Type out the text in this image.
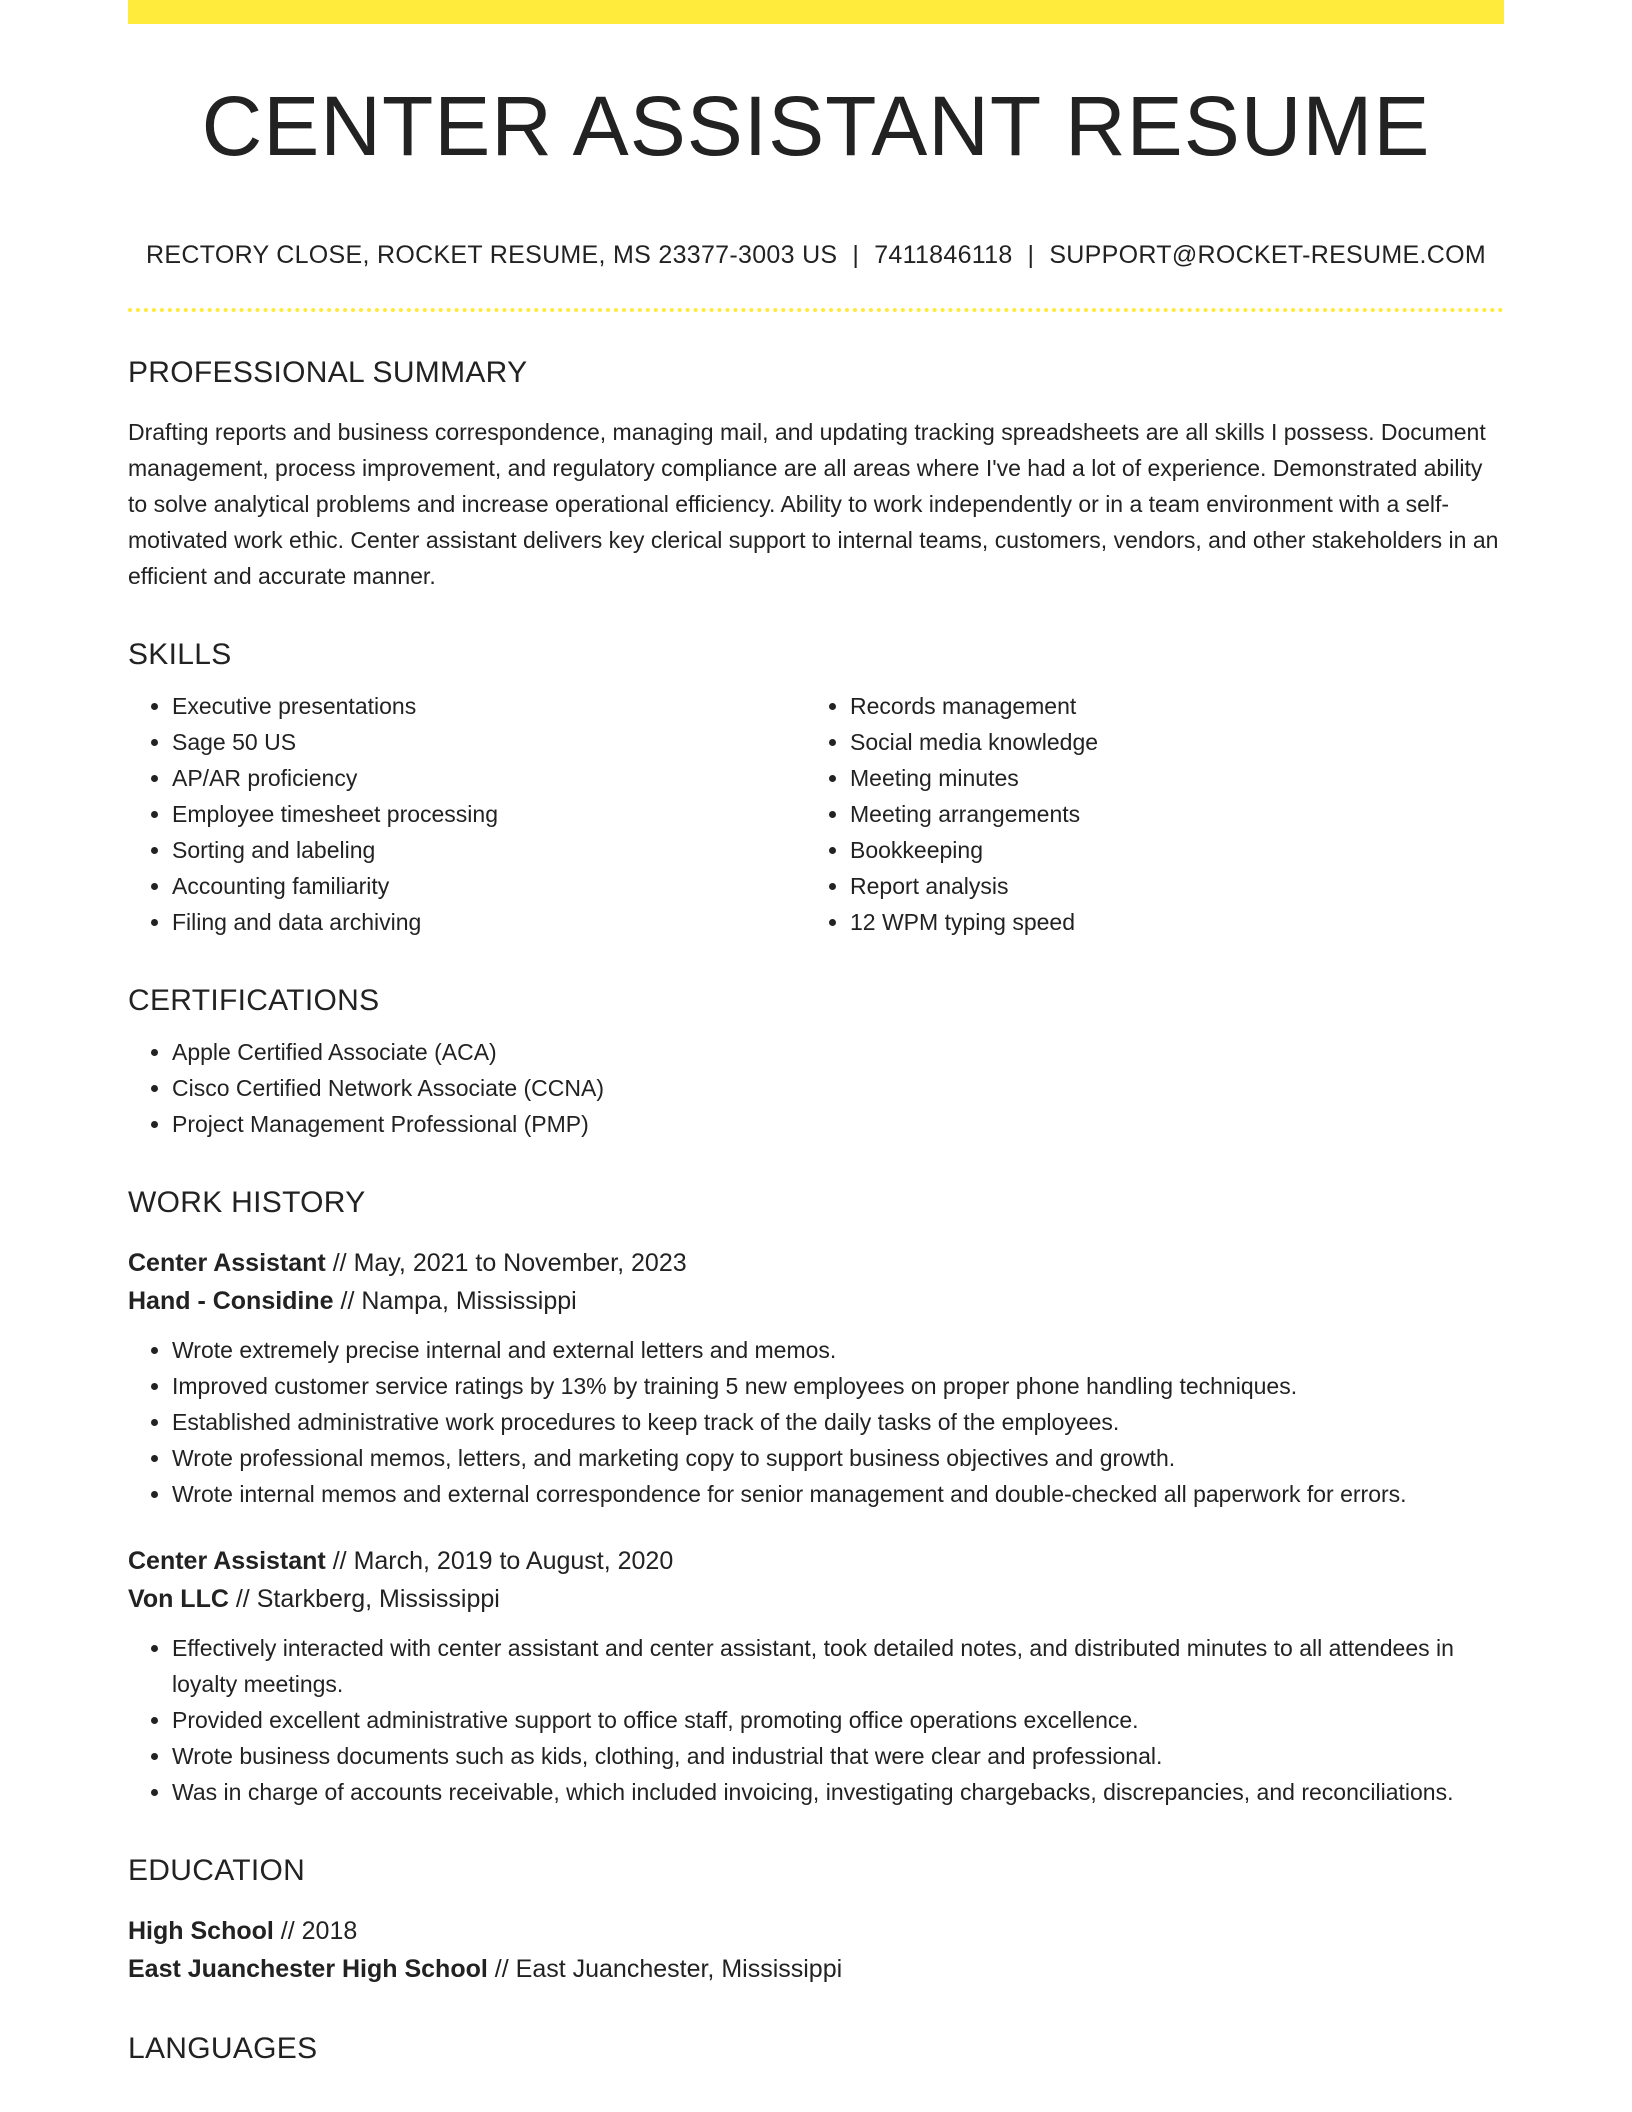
CENTER ASSISTANT RESUME
RECTORY CLOSE, ROCKET RESUME, MS 23377-3003 US | 7411846118 | SUPPORT@ROCKET-RESUME.COM
PROFESSIONAL SUMMARY
Drafting reports and business correspondence, managing mail, and updating tracking spreadsheets are all skills I possess. Document management, process improvement, and regulatory compliance are all areas where I've had a lot of experience. Demonstrated ability to solve analytical problems and increase operational efficiency. Ability to work independently or in a team environment with a self-motivated work ethic. Center assistant delivers key clerical support to internal teams, customers, vendors, and other stakeholders in an efficient and accurate manner.
SKILLS
• Executive presentations
• Sage 50 US
• AP/AR proficiency
• Employee timesheet processing
• Sorting and labeling
• Accounting familiarity
• Filing and data archiving
• Records management
• Social media knowledge
• Meeting minutes
• Meeting arrangements
• Bookkeeping
• Report analysis
• 12 WPM typing speed
CERTIFICATIONS
• Apple Certified Associate (ACA)
• Cisco Certified Network Associate (CCNA)
• Project Management Professional (PMP)
WORK HISTORY
Center Assistant // May, 2021 to November, 2023
Hand - Considine // Nampa, Mississippi
• Wrote extremely precise internal and external letters and memos.
• Improved customer service ratings by 13% by training 5 new employees on proper phone handling techniques.
• Established administrative work procedures to keep track of the daily tasks of the employees.
• Wrote professional memos, letters, and marketing copy to support business objectives and growth.
• Wrote internal memos and external correspondence for senior management and double-checked all paperwork for errors.
Center Assistant // March, 2019 to August, 2020
Von LLC // Starkberg, Mississippi
• Effectively interacted with center assistant and center assistant, took detailed notes, and distributed minutes to all attendees in loyalty meetings.
• Provided excellent administrative support to office staff, promoting office operations excellence.
• Wrote business documents such as kids, clothing, and industrial that were clear and professional.
• Was in charge of accounts receivable, which included invoicing, investigating chargebacks, discrepancies, and reconciliations.
EDUCATION
High School // 2018
East Juanchester High School // East Juanchester, Mississippi
LANGUAGES
